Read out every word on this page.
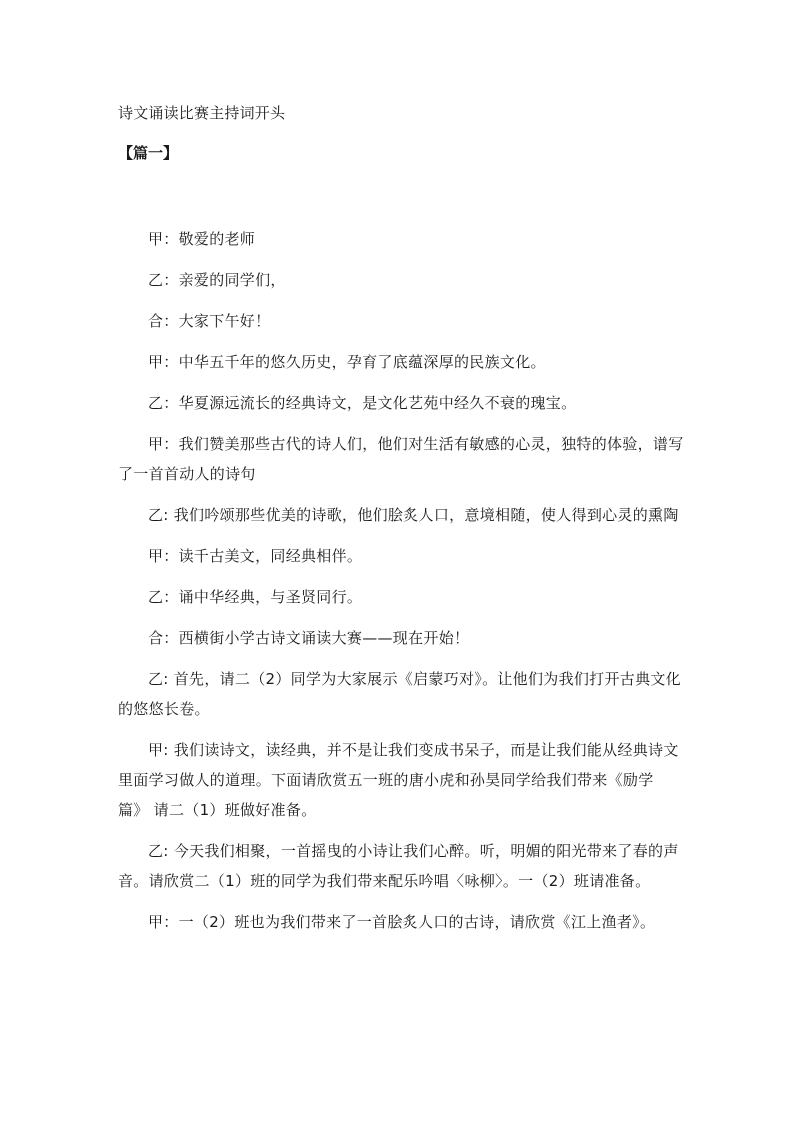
诗文诵读比赛主持词开头
【篇一】

甲：敬爱的老师

乙：亲爱的同学们，

合：大家下午好！

甲：中华五千年的悠久历史，孕育了底蕴深厚的民族文化。

乙：华夏源远流长的经典诗文，是文化艺苑中经久不衰的瑰宝。

甲：我们赞美那些古代的诗人们，他们对生活有敏感的心灵，独特的体验，谱写了一首首动人的诗句

乙: 我们吟颂那些优美的诗歌，他们脍炙人口，意境相随，使人得到心灵的熏陶

甲：读千古美文，同经典相伴。

乙：诵中华经典，与圣贤同行。

合：西横街小学古诗文诵读大赛——现在开始！

乙: 首先，请二（2）同学为大家展示《启蒙巧对》。让他们为我们打开古典文化的悠悠长卷。

甲: 我们读诗文，读经典，并不是让我们变成书呆子，而是让我们能从经典诗文里面学习做人的道理。下面请欣赏五一班的唐小虎和孙昊同学给我们带来《励学篇》 请二（1）班做好准备。

乙: 今天我们相聚，一首摇曳的小诗让我们心醉。听，明媚的阳光带来了春的声音。请欣赏二（1）班的同学为我们带来配乐吟唱〈咏柳〉。一（2）班请准备。

甲：一（2）班也为我们带来了一首脍炙人口的古诗，请欣赏《江上渔者》。
